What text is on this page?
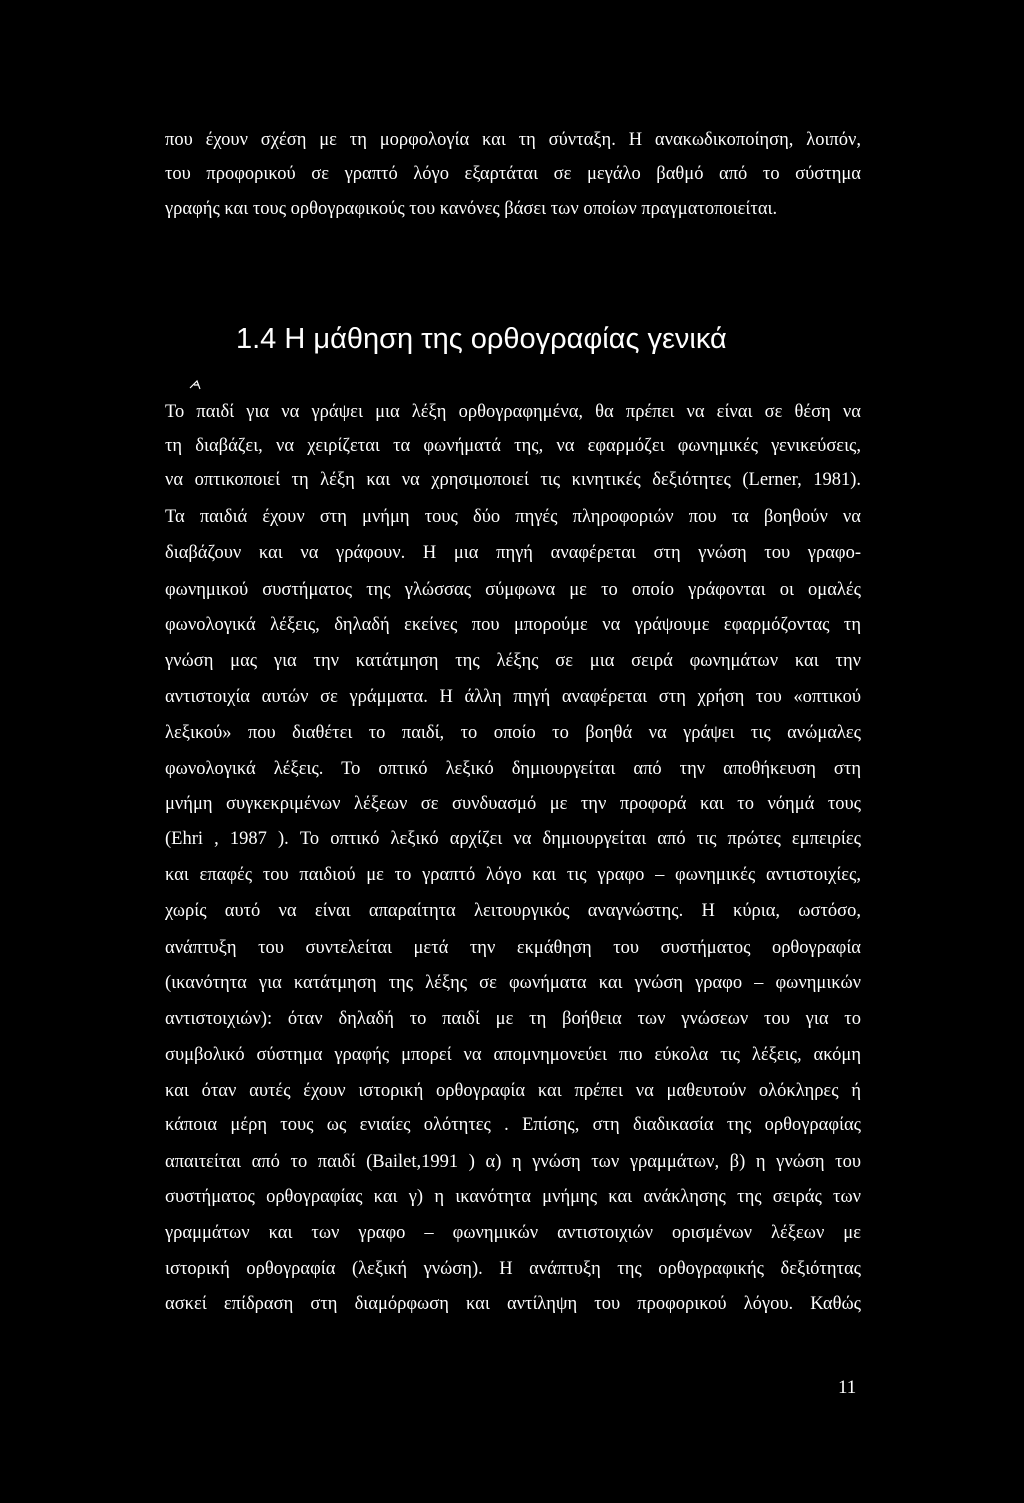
που έχουν σχέση με τη μορφολογία και τη σύνταξη. Η ανακωδικοποίηση, λοιπόν,
του προφορικού σε γραπτό λόγο εξαρτάται σε μεγάλο βαθμό από το σύστημα
γραφής και τους ορθογραφικούς του κανόνες βάσει των οποίων πραγματοποιείται.
1.4 Η μάθηση της ορθογραφίας γενικά
Το παιδί για να γράψει μια λέξη ορθογραφημένα, θα πρέπει να είναι σε θέση να
τη διαβάζει, να χειρίζεται τα φωνήματά της, να εφαρμόζει φωνημικές γενικεύσεις,
να οπτικοποιεί τη λέξη και να χρησιμοποιεί τις κινητικές δεξιότητες (Lerner, 1981).
Τα παιδιά έχουν στη μνήμη τους δύο πηγές πληροφοριών που τα βοηθούν να
διαβάζουν και να γράφουν. Η μια πηγή αναφέρεται στη γνώση του γραφο-
φωνημικού συστήματος της γλώσσας σύμφωνα με το οποίο γράφονται οι ομαλές
φωνολογικά λέξεις, δηλαδή εκείνες που μπορούμε να γράψουμε εφαρμόζοντας τη
γνώση μας για την κατάτμηση της λέξης σε μια σειρά φωνημάτων και την
αντιστοιχία αυτών σε γράμματα. Η άλλη πηγή αναφέρεται στη χρήση του «οπτικού
λεξικού» που διαθέτει το παιδί, το οποίο το βοηθά να γράψει τις ανώμαλες
φωνολογικά λέξεις. Το οπτικό λεξικό δημιουργείται από την αποθήκευση στη
μνήμη συγκεκριμένων λέξεων σε συνδυασμό με την προφορά και το νόημά τους
(Ehri , 1987 ). Το οπτικό λεξικό αρχίζει να δημιουργείται από τις πρώτες εμπειρίες
και επαφές του παιδιού με το γραπτό λόγο και τις γραφο – φωνημικές αντιστοιχίες,
χωρίς αυτό να είναι απαραίτητα λειτουργικός αναγνώστης. Η κύρια, ωστόσο,
ανάπτυξη του συντελείται μετά την εκμάθηση του συστήματος ορθογραφία
(ικανότητα για κατάτμηση της λέξης σε φωνήματα και γνώση γραφο – φωνημικών
αντιστοιχιών): όταν δηλαδή το παιδί με τη βοήθεια των γνώσεων του για το
συμβολικό σύστημα γραφής μπορεί να απομνημονεύει πιο εύκολα τις λέξεις, ακόμη
και όταν αυτές έχουν ιστορική ορθογραφία και πρέπει να μαθευτούν ολόκληρες ή
κάποια μέρη τους ως ενιαίες ολότητες . Επίσης, στη διαδικασία της ορθογραφίας
απαιτείται από το παιδί (Bailet,1991 ) α) η γνώση των γραμμάτων, β) η γνώση του
συστήματος ορθογραφίας και γ) η ικανότητα μνήμης και ανάκλησης της σειράς των
γραμμάτων και των γραφο – φωνημικών αντιστοιχιών ορισμένων λέξεων με
ιστορική ορθογραφία (λεξική γνώση). Η ανάπτυξη της ορθογραφικής δεξιότητας
ασκεί επίδραση στη διαμόρφωση και αντίληψη του προφορικού λόγου. Καθώς
11
